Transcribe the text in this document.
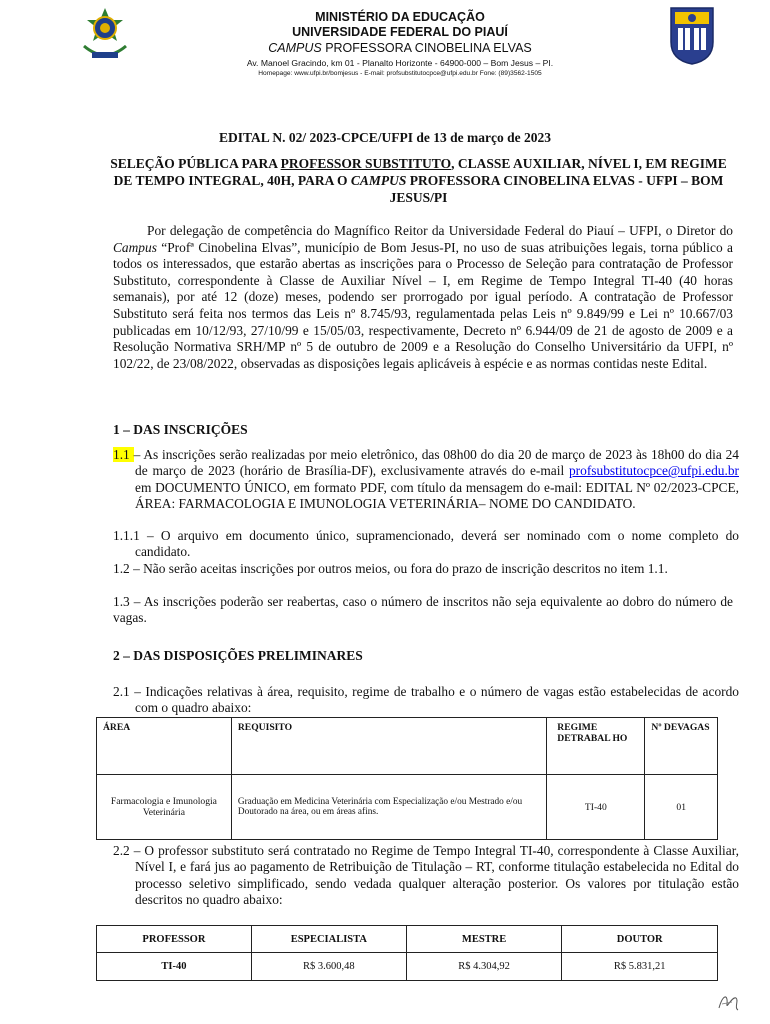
MINISTÉRIO DA EDUCAÇÃO
UNIVERSIDADE FEDERAL DO PIAUÍ
CAMPUS PROFESSORA CINOBELINA ELVAS
Av. Manoel Gracindo, km 01 - Planalto Horizonte - 64900-000 – Bom Jesus – PI.
Homepage: www.ufpi.br/bomjesus - E-mail: profsubstitutocpce@ufpi.edu.br Fone: (89)3562-1505
EDITAL N. 02/ 2023-CPCE/UFPI de 13 de março de 2023
SELEÇÃO PÚBLICA PARA PROFESSOR SUBSTITUTO, CLASSE AUXILIAR, NÍVEL I, EM REGIME DE TEMPO INTEGRAL, 40H, PARA O CAMPUS PROFESSORA CINOBELINA ELVAS - UFPI – BOM JESUS/PI
Por delegação de competência do Magnífico Reitor da Universidade Federal do Piauí – UFPI, o Diretor do Campus “Profª Cinobelina Elvas”, município de Bom Jesus-PI, no uso de suas atribuições legais, torna público a todos os interessados, que estarão abertas as inscrições para o Processo de Seleção para contratação de Professor Substituto, correspondente à Classe de Auxiliar Nível – I, em Regime de Tempo Integral TI-40 (40 horas semanais), por até 12 (doze) meses, podendo ser prorrogado por igual período. A contratação de Professor Substituto será feita nos termos das Leis nº 8.745/93, regulamentada pelas Leis nº 9.849/99 e Lei nº 10.667/03 publicadas em 10/12/93, 27/10/99 e 15/05/03, respectivamente, Decreto nº 6.944/09 de 21 de agosto de 2009 e a Resolução Normativa SRH/MP nº 5 de outubro de 2009 e a Resolução do Conselho Universitário da UFPI, nº 102/22, de 23/08/2022, observadas as disposições legais aplicáveis à espécie e as normas contidas neste Edital.
1 – DAS INSCRIÇÕES
1.1 – As inscrições serão realizadas por meio eletrônico, das 08h00 do dia 20 de março de 2023 às 18h00 do dia 24 de março de 2023 (horário de Brasília-DF), exclusivamente através do e-mail profsubstitutocpce@ufpi.edu.br em DOCUMENTO ÚNICO, em formato PDF, com título da mensagem do e-mail: EDITAL Nº 02/2023-CPCE, ÁREA: FARMACOLOGIA E IMUNOLOGIA VETERINÁRIA– NOME DO CANDIDATO.
1.1.1 – O arquivo em documento único, supramencionado, deverá ser nominado com o nome completo do candidato.
1.2 – Não serão aceitas inscrições por outros meios, ou fora do prazo de inscrição descritos no item 1.1.
1.3 – As inscrições poderão ser reabertas, caso o número de inscritos não seja equivalente ao dobro do número de vagas.
2 – DAS DISPOSIÇÕES PRELIMINARES
2.1 – Indicações relativas à área, requisito, regime de trabalho e o número de vagas estão estabelecidas de acordo com o quadro abaixo:
ÁREA	REQUISITO	REGIME DETRABAL HO	Nº DEVAGAS
Farmacologia e Imunologia Veterinária	Graduação em Medicina Veterinária com Especialização e/ou Mestrado e/ou Doutorado na área, ou em áreas afins.	TI-40	01
2.2 – O professor substituto será contratado no Regime de Tempo Integral TI-40, correspondente à Classe Auxiliar, Nível I, e fará jus ao pagamento de Retribuição de Titulação – RT, conforme titulação estabelecida no Edital do processo seletivo simplificado, sendo vedada qualquer alteração posterior. Os valores por titulação estão descritos no quadro abaixo:
PROFESSOR	ESPECIALISTA	MESTRE	DOUTOR
TI-40	R$ 3.600,48	R$ 4.304,92	R$ 5.831,21
